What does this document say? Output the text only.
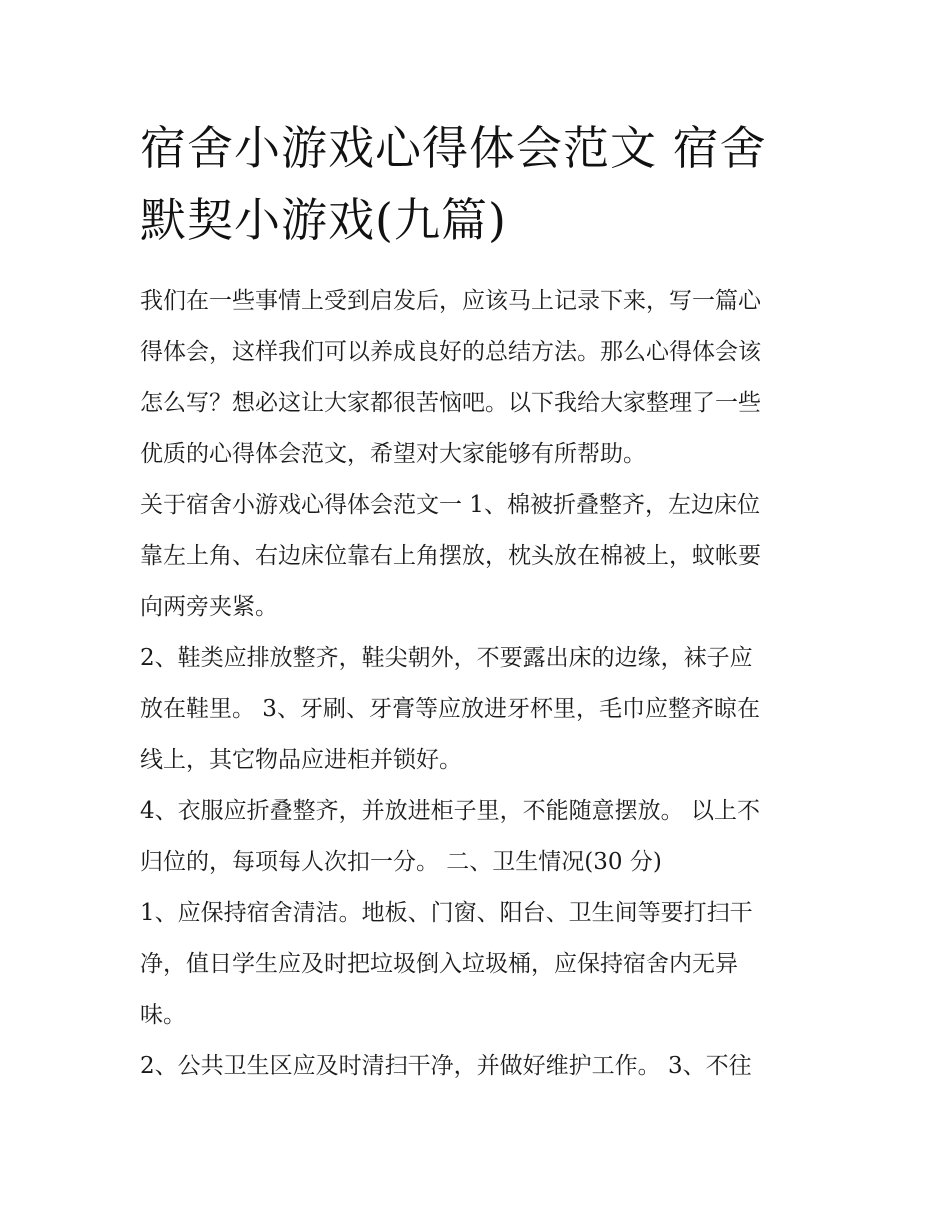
宿舍小游戏心得体会范文 宿舍
默契小游戏(九篇)
我们在一些事情上受到启发后，应该马上记录下来，写一篇心
得体会，这样我们可以养成良好的总结方法。那么心得体会该
怎么写？想必这让大家都很苦恼吧。以下我给大家整理了一些
优质的心得体会范文，希望对大家能够有所帮助。
关于宿舍小游戏心得体会范文一 1、棉被折叠整齐，左边床位
靠左上角、右边床位靠右上角摆放，枕头放在棉被上，蚊帐要
向两旁夹紧。
2、鞋类应排放整齐，鞋尖朝外，不要露出床的边缘，袜子应
放在鞋里。 3、牙刷、牙膏等应放进牙杯里，毛巾应整齐晾在
线上，其它物品应进柜并锁好。
4、衣服应折叠整齐，并放进柜子里，不能随意摆放。 以上不
归位的，每项每人次扣一分。 二、卫生情况(30 分)
1、应保持宿舍清洁。地板、门窗、阳台、卫生间等要打扫干
净，值日学生应及时把垃圾倒入垃圾桶，应保持宿舍内无异
味。
2、公共卫生区应及时清扫干净，并做好维护工作。 3、不往
